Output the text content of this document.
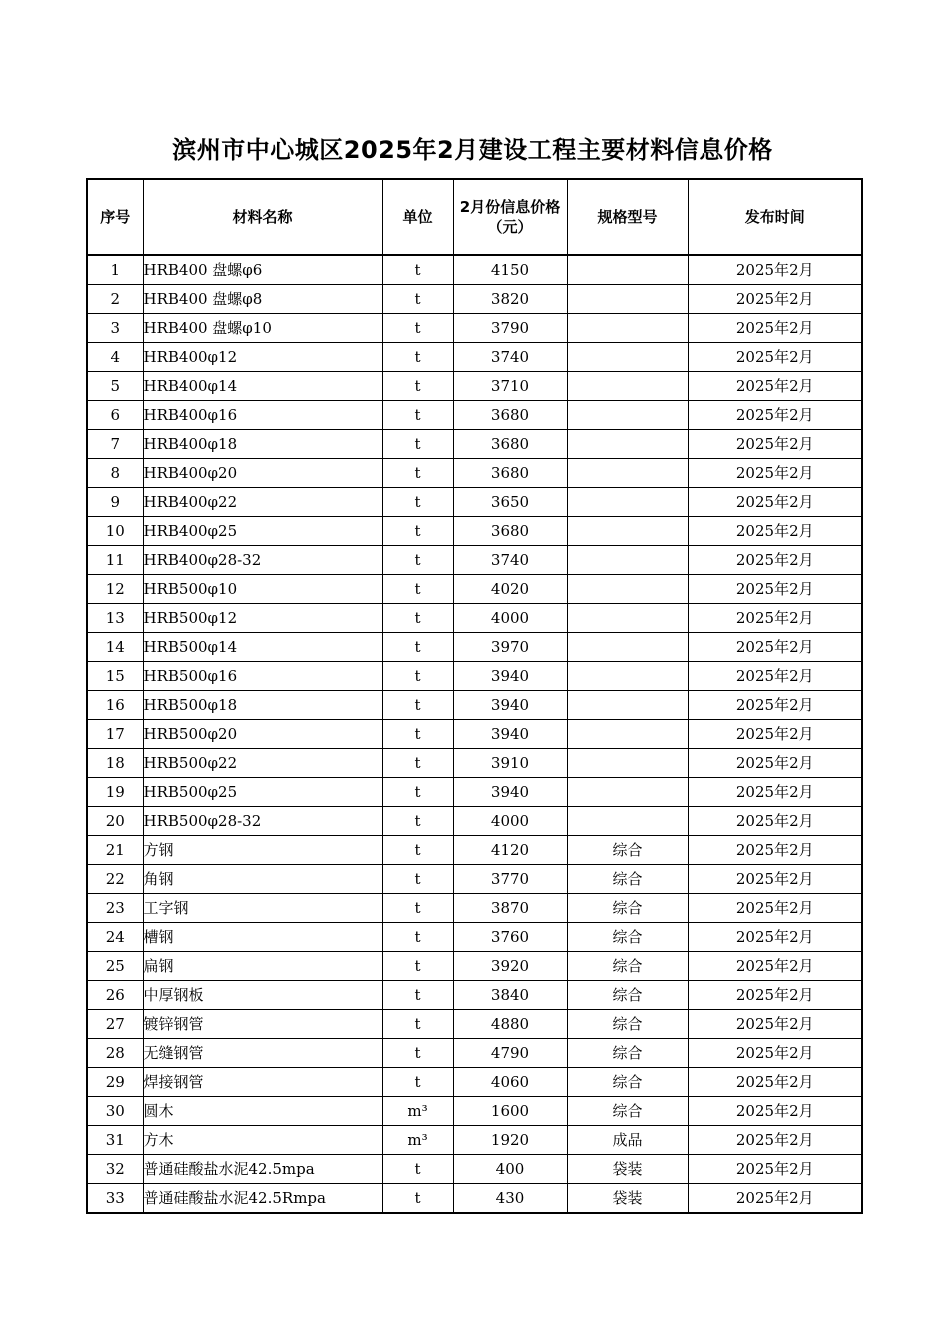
滨州市中心城区2025年2月建设工程主要材料信息价格
序号	材料名称	单位	2月份信息价格（元）	规格型号	发布时间
1	HRB400 盘螺φ6	t	4150		2025年2月
2	HRB400 盘螺φ8	t	3820		2025年2月
3	HRB400 盘螺φ10	t	3790		2025年2月
4	HRB400φ12	t	3740		2025年2月
5	HRB400φ14	t	3710		2025年2月
6	HRB400φ16	t	3680		2025年2月
7	HRB400φ18	t	3680		2025年2月
8	HRB400φ20	t	3680		2025年2月
9	HRB400φ22	t	3650		2025年2月
10	HRB400φ25	t	3680		2025年2月
11	HRB400φ28-32	t	3740		2025年2月
12	HRB500φ10	t	4020		2025年2月
13	HRB500φ12	t	4000		2025年2月
14	HRB500φ14	t	3970		2025年2月
15	HRB500φ16	t	3940		2025年2月
16	HRB500φ18	t	3940		2025年2月
17	HRB500φ20	t	3940		2025年2月
18	HRB500φ22	t	3910		2025年2月
19	HRB500φ25	t	3940		2025年2月
20	HRB500φ28-32	t	4000		2025年2月
21	方钢	t	4120	综合	2025年2月
22	角钢	t	3770	综合	2025年2月
23	工字钢	t	3870	综合	2025年2月
24	槽钢	t	3760	综合	2025年2月
25	扁钢	t	3920	综合	2025年2月
26	中厚钢板	t	3840	综合	2025年2月
27	镀锌钢管	t	4880	综合	2025年2月
28	无缝钢管	t	4790	综合	2025年2月
29	焊接钢管	t	4060	综合	2025年2月
30	圆木	m³	1600	综合	2025年2月
31	方木	m³	1920	成品	2025年2月
32	普通硅酸盐水泥42.5mpa	t	400	袋装	2025年2月
33	普通硅酸盐水泥42.5Rmpa	t	430	袋装	2025年2月
